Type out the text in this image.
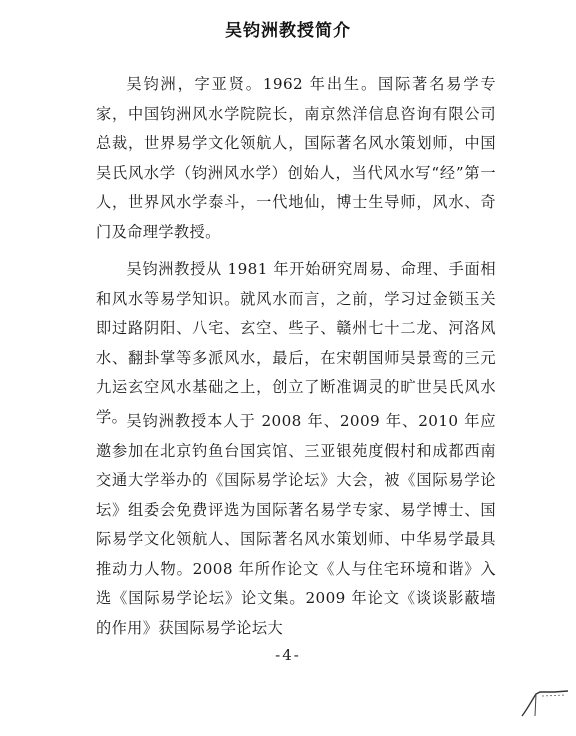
吴钧洲教授简介

吴钧洲，字亚贤。1962 年出生。国际著名易学专家，中国钧洲风水学院院长，南京然洋信息咨询有限公司总裁，世界易学文化领航人，国际著名风水策划师，中国吴氏风水学（钧洲风水学）创始人，当代风水写“经”第一人，世界风水学泰斗，一代地仙，博士生导师，风水、奇门及命理学教授。

吴钧洲教授从 1981 年开始研究周易、命理、手面相和风水等易学知识。就风水而言，之前，学习过金锁玉关即过路阴阳、八宅、玄空、些子、赣州七十二龙、河洛风水、翻卦掌等多派风水，最后，在宋朝国师吴景鸾的三元九运玄空风水基础之上，创立了断准调灵的旷世吴氏风水学。 吴钧洲教授本人于 2008 年、2009 年、2010 年应邀参加在北京钓鱼台国宾馆、三亚银苑度假村和成都西南交通大学举办的《国际易学论坛》大会，被《国际易学论坛》组委会免费评选为国际著名易学专家、易学博士、国际易学文化领航人、国际著名风水策划师、中华易学最具推动力人物。2008 年所作论文《人与住宅环境和谐》入选《国际易学论坛》论文集。2009 年论文《谈谈影蔽墙的作用》获国际易学论坛大

-4-
